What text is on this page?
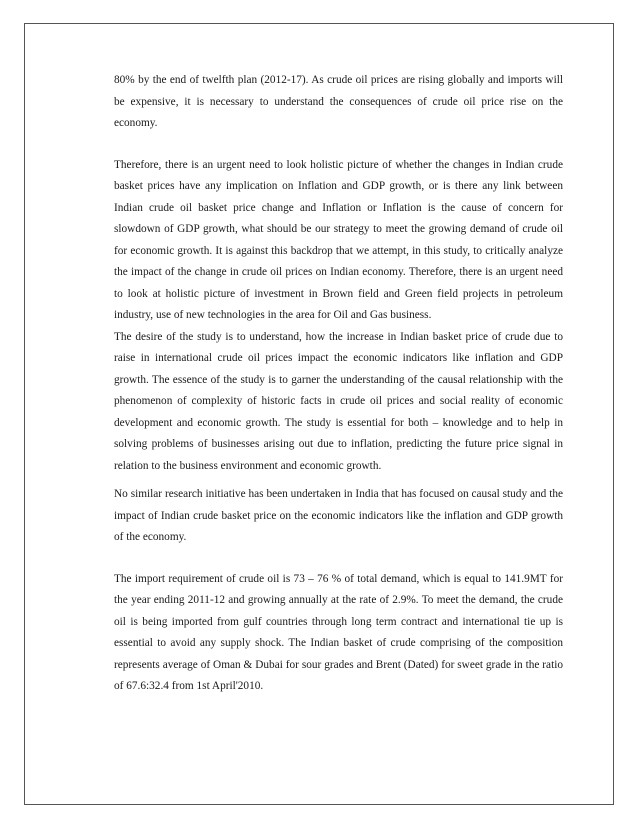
80% by the end of twelfth plan (2012-17). As crude oil prices are rising globally and imports will be expensive, it is necessary to understand the consequences of crude oil price rise on the economy.

Therefore, there is an urgent need to look holistic picture of whether the changes in Indian crude basket prices have any implication on Inflation and GDP growth, or is there any link between Indian crude oil basket price change and Inflation or Inflation is the cause of concern for slowdown of GDP growth, what should be our strategy to meet the growing demand of crude oil for economic growth. It is against this backdrop that we attempt, in this study, to critically analyze the impact of the change in crude oil prices on Indian economy. Therefore, there is an urgent need to look at holistic picture of investment in Brown field and Green field projects in petroleum industry, use of new technologies in the area for Oil and Gas business.

The desire of the study is to understand, how the increase in Indian basket price of crude due to raise in international crude oil prices impact the economic indicators like inflation and GDP growth. The essence of the study is to garner the understanding of the causal relationship with the phenomenon of complexity of historic facts in crude oil prices and social reality of economic development and economic growth. The study is essential for both – knowledge and to help in solving problems of businesses arising out due to inflation, predicting the future price signal in relation to the business environment and economic growth.

No similar research initiative has been undertaken in India that has focused on causal study and the impact of Indian crude basket price on the economic indicators like the inflation and GDP growth of the economy.

The import requirement of crude oil is 73 – 76 % of total demand, which is equal to 141.9MT for the year ending 2011-12 and growing annually at the rate of 2.9%. To meet the demand, the crude oil is being imported from gulf countries through long term contract and international tie up is essential to avoid any supply shock. The Indian basket of crude comprising of the composition represents average of Oman & Dubai for sour grades and Brent (Dated) for sweet grade in the ratio of 67.6:32.4 from 1st April'2010.
